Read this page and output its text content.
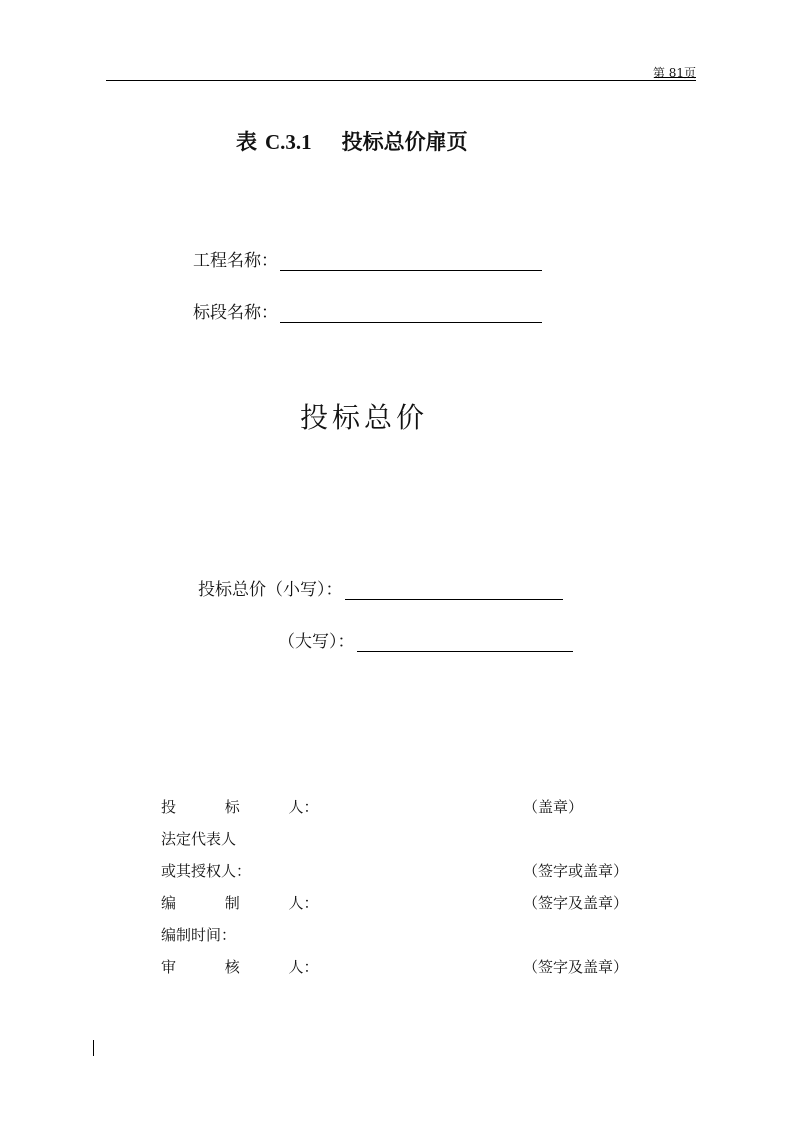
第 81页
表 C.3.1 投标总价扉页
工程名称：
标段名称：
投标总价
投标总价（小写）：
（大写）：
投 标 人：	（盖章）
法定代表人
或其授权人：	（签字或盖章）
编 制 人：	（签字及盖章）
编制时间：
审 核 人：	（签字及盖章）
